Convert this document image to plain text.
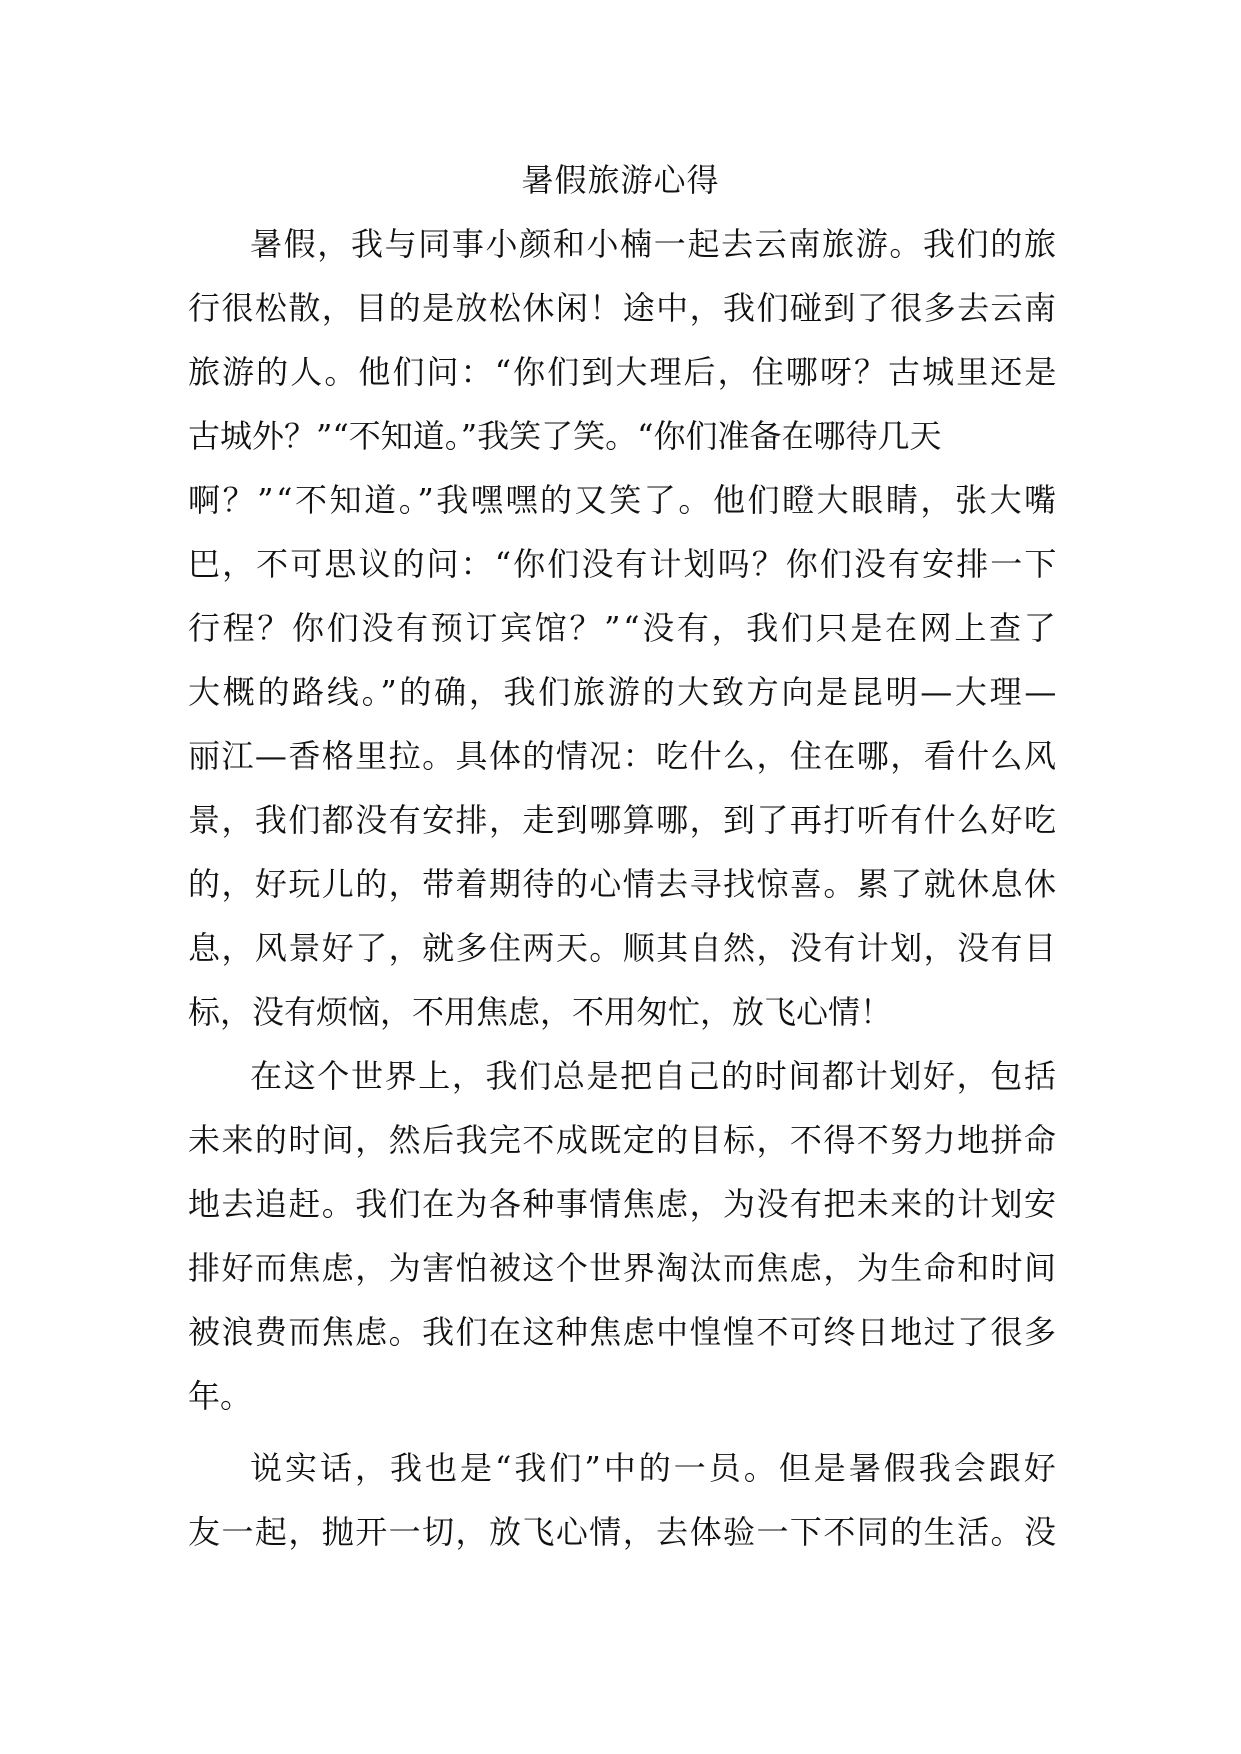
暑假旅游心得
暑假，我与同事小颜和小楠一起去云南旅游。我们的旅
行很松散，目的是放松休闲！途中，我们碰到了很多去云南
旅游的人。他们问：“你们到大理后，住哪呀？古城里还是
古城外？”“不知道。”我笑了笑。“你们准备在哪待几天
啊？”“不知道。”我嘿嘿的又笑了。他们瞪大眼睛，张大嘴
巴，不可思议的问：“你们没有计划吗？你们没有安排一下
行程？你们没有预订宾馆？”“没有，我们只是在网上查了
大概的路线。”的确，我们旅游的大致方向是昆明—大理—
丽江—香格里拉。具体的情况：吃什么，住在哪，看什么风
景，我们都没有安排，走到哪算哪，到了再打听有什么好吃
的，好玩儿的，带着期待的心情去寻找惊喜。累了就休息休
息，风景好了，就多住两天。顺其自然，没有计划，没有目
标，没有烦恼，不用焦虑，不用匆忙，放飞心情！
在这个世界上，我们总是把自己的时间都计划好，包括
未来的时间，然后我完不成既定的目标，不得不努力地拼命
地去追赶。我们在为各种事情焦虑，为没有把未来的计划安
排好而焦虑，为害怕被这个世界淘汰而焦虑，为生命和时间
被浪费而焦虑。我们在这种焦虑中惶惶不可终日地过了很多
年。
说实话，我也是“我们”中的一员。但是暑假我会跟好
友一起，抛开一切，放飞心情，去体验一下不同的生活。没
